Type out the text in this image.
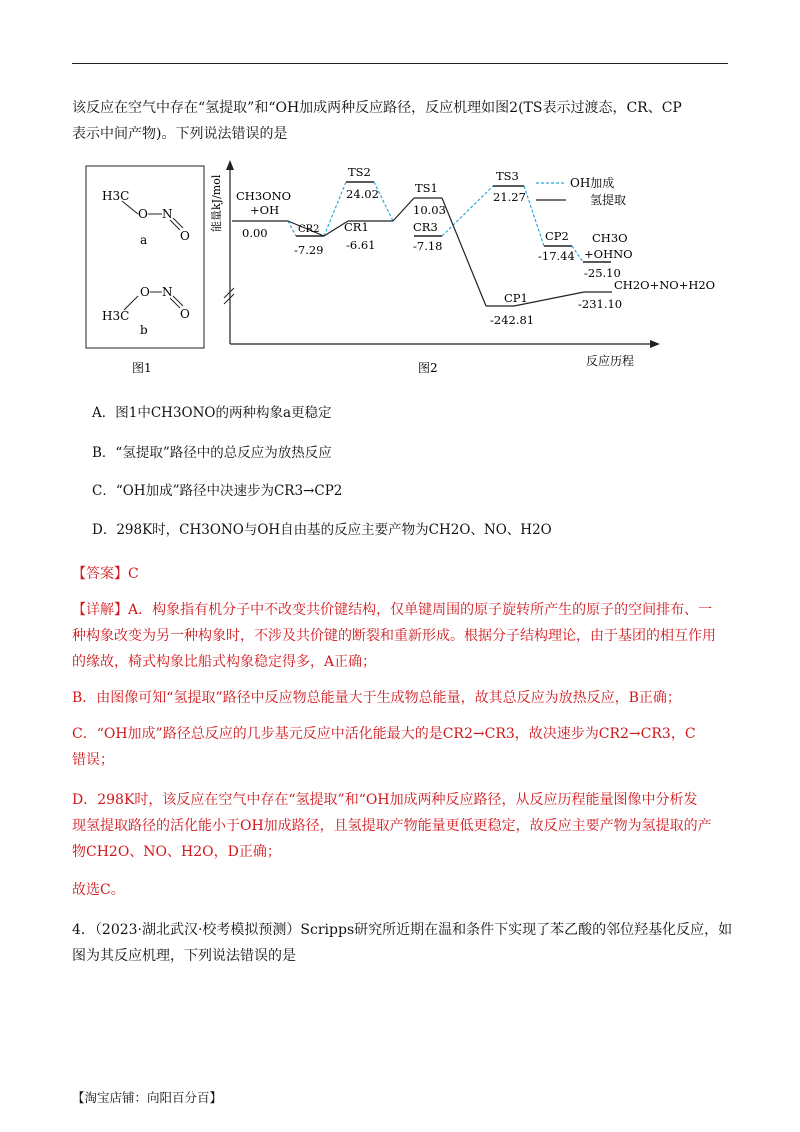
该反应在空气中存在“氢提取”和“OH加成两种反应路径，反应机理如图2(TS表示过渡态，CR、CP
表示中间产物)。下列说法错误的是
H3C
O N
O
a
O N
O
H3C
b
图1
能量kJ/mol
图2	反应历程
OH加成
氢提取
CH3ONO
+OH
0.00	CR2
-7.29
TS2
24.02
CR1
-6.61
TS1
10.03
CR3
-7.18
TS3
21.27
CP2
-17.44
CH3O
+OHNO
-25.10
CP1
-242.81
CH2O+NO+H2O
-231.10
A．图1中CH3ONO的两种构象a更稳定
B．“氢提取”路径中的总反应为放热反应
C．“OH加成”路径中决速步为CR3→CP2
D．298K时，CH3ONO与OH自由基的反应主要产物为CH2O、NO、H2O
【答案】C
【详解】A．构象指有机分子中不改变共价键结构，仅单键周围的原子旋转所产生的原子的空间排布、一
种构象改变为另一种构象时，不涉及共价键的断裂和重新形成。根据分子结构理论，由于基团的相互作用
的缘故，椅式构象比船式构象稳定得多，A正确；
B．由图像可知“氢提取”路径中反应物总能量大于生成物总能量，故其总反应为放热反应，B正确；
C．“OH加成”路径总反应的几步基元反应中活化能最大的是CR2→CR3，故决速步为CR2→CR3，C
错误；
D．298K时，该反应在空气中存在“氢提取”和“OH加成两种反应路径，从反应历程能量图像中分析发
现氢提取路径的活化能小于OH加成路径，且氢提取产物能量更低更稳定，故反应主要产物为氢提取的产
物CH2O、NO、H2O，D正确；
故选C。
4．（2023·湖北武汉·校考模拟预测）Scripps研究所近期在温和条件下实现了苯乙酸的邻位羟基化反应，如
图为其反应机理，下列说法错误的是
【淘宝店铺：向阳百分百】
